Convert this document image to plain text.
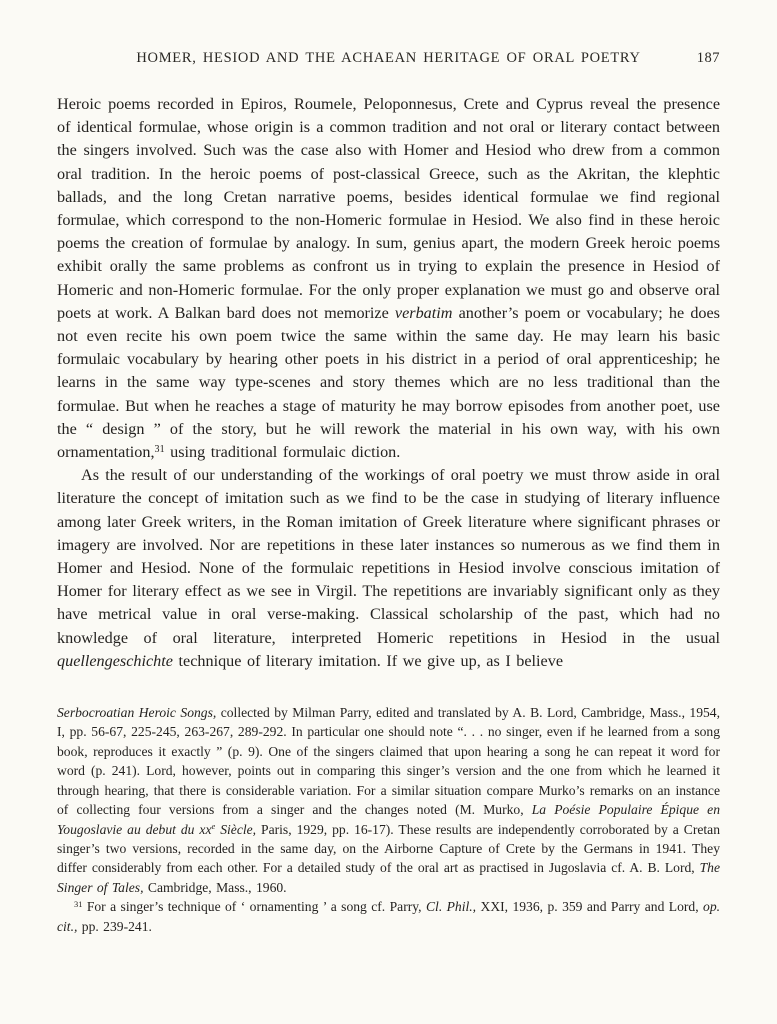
HOMER, HESIOD AND THE ACHAEAN HERITAGE OF ORAL POETRY	187

Heroic poems recorded in Epiros, Roumele, Peloponnesus, Crete and Cyprus reveal the presence of identical formulae, whose origin is a common tradition and not oral or literary contact between the singers involved. Such was the case also with Homer and Hesiod who drew from a common oral tradition. In the heroic poems of post-classical Greece, such as the Akritan, the klephtic ballads, and the long Cretan narrative poems, besides identical formulae we find regional formulae, which correspond to the non-Homeric formulae in Hesiod. We also find in these heroic poems the creation of formulae by analogy. In sum, genius apart, the modern Greek heroic poems exhibit orally the same problems as confront us in trying to explain the presence in Hesiod of Homeric and non-Homeric formulae. For the only proper explanation we must go and observe oral poets at work. A Balkan bard does not memorize verbatim another’s poem or vocabulary; he does not even recite his own poem twice the same within the same day. He may learn his basic formulaic vocabulary by hearing other poets in his district in a period of oral apprenticeship; he learns in the same way type-scenes and story themes which are no less traditional than the formulae. But when he reaches a stage of maturity he may borrow episodes from another poet, use the “ design ” of the story, but he will rework the material in his own way, with his own ornamentation,$^{31}$ using traditional formulaic diction.

As the result of our understanding of the workings of oral poetry we must throw aside in oral literature the concept of imitation such as we find to be the case in studying of literary influence among later Greek writers, in the Roman imitation of Greek literature where significant phrases or imagery are involved. Nor are repetitions in these later instances so numerous as we find them in Homer and Hesiod. None of the formulaic repetitions in Hesiod involve conscious imitation of Homer for literary effect as we see in Virgil. The repetitions are invariably significant only as they have metrical value in oral verse-making. Classical scholarship of the past, which had no knowledge of oral literature, interpreted Homeric repetitions in Hesiod in the usual quellengeschichte technique of literary imitation. If we give up, as I believe

Serbocroatian Heroic Songs, collected by Milman Parry, edited and translated by A. B. Lord, Cambridge, Mass., 1954, I, pp. 56-67, 225-245, 263-267, 289-292. In particular one should note “. . . no singer, even if he learned from a song book, reproduces it exactly ” (p. 9). One of the singers claimed that upon hearing a song he can repeat it word for word (p. 241). Lord, however, points out in comparing this singer’s version and the one from which he learned it through hearing, that there is considerable variation. For a similar situation compare Murko’s remarks on an instance of collecting four versions from a singer and the changes noted (M. Murko, La Poésie Populaire Épique en Yougoslavie au debut du $xx^e$ Siècle, Paris, 1929, pp. 16-17). These results are independently corroborated by a Cretan singer’s two versions, recorded in the same day, on the Airborne Capture of Crete by the Germans in 1941. They differ considerably from each other. For a detailed study of the oral art as practised in Jugoslavia cf. A. B. Lord, The Singer of Tales, Cambridge, Mass., 1960.

$^{31}$ For a singer’s technique of ‘ ornamenting ’ a song cf. Parry, Cl. Phil., XXI, 1936, p. 359 and Parry and Lord, op. cit., pp. 239-241.
